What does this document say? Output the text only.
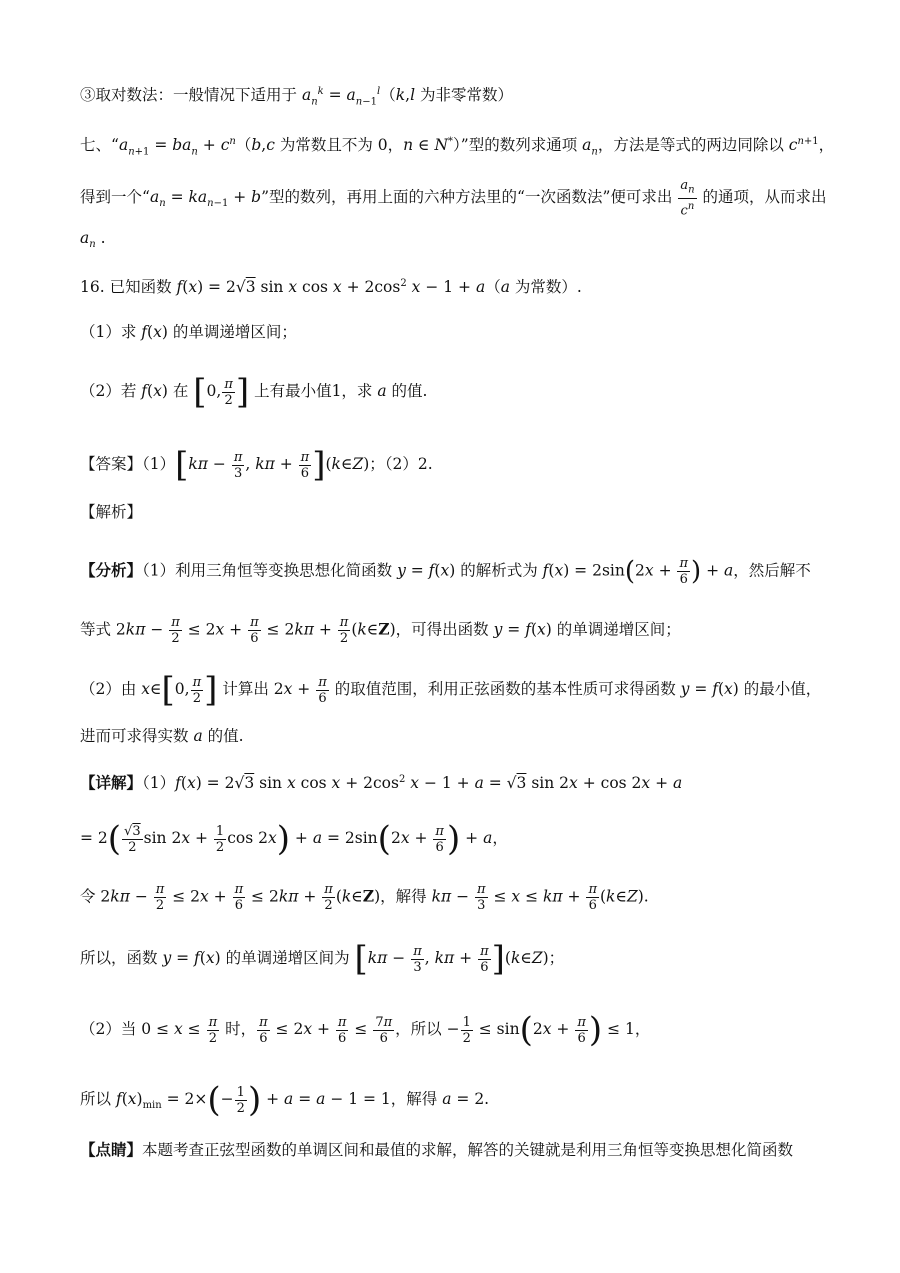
③取对数法：一般情况下适用于 $a_n^k = a_{n-1}^l(k,l$ 为非零常数）
七、“$a_{n+1} = ba_n + c^n(b,c$ 为常数且不为 0，n ∈ N*）”型的数列求通项 $a_n$，方法是等式的两边同除以 $c^{n+1}$，
得到一个“$a_n = ka_{n-1} + b$”型的数列，再用上面的六种方法里的“一次函数法”便可求出 $\frac{a_n}{c^n}$ 的通项，从而求出
$a_n$ .
16. 已知函数 f(x) = 2√3 sin x $\cos x + 2\cos^2$ x − 1 + a（a 为常数）.
（1）求 f(x) 的单调递增区间；
（2）若 f(x) 在 [0, $\frac{\pi}{2}$ ] 上有最小值1，求 a 的值.
【答案】$(1)[k\pi - \frac{\pi}{3}$ , $k\pi + \frac{\pi}{6}$ ](k∈Z)；（2）2.
【解析】
【分析】（1）利用三角恒等变换思想化简函数 y = f(x) 的解析式为 $f(x) = 2\sin(2x + \frac{\pi}{6}$ ) + a，然后解不
等式 $2k\pi - \frac{\pi}{2} \le 2x + \frac{\pi}{6} \le 2k\pi + \frac{\pi}{2}$ (k∈Z)，可得出函数 y = f(x) 的单调递增区间；
（2）由 x∈[0, $\frac{\pi}{2}$ ] 计算出 $2x + \frac{\pi}{6}$ 的取值范围，利用正弦函数的基本性质可求得函数 y = f(x) 的最小值，
进而可求得实数 a 的值.
【详解】（1）f(x) = 2√3 sin x $\cos x + 2\cos^2$ x − 1 + a = √3 sin 2x + cos 2x + a
= $2( \frac{√3}{2}$ $\sin 2x + \frac{1}{2}$ $\cos 2x) + a = 2\sin(2x + \frac{\pi}{6}$ ) + a，
令 $2k\pi - \frac{\pi}{2} \le 2x + \frac{\pi}{6} \le 2k\pi + \frac{\pi}{2}$ (k∈Z)，解得 $k\pi - \frac{\pi}{3} \le x \le k\pi + \frac{\pi}{6}$ (k∈Z).
所以，函数 y = f(x) 的单调递增区间为 [$k\pi - \frac{\pi}{3}$ , $k\pi + \frac{\pi}{6}$ ](k∈Z)；
（2）当 $0 \le x \le \frac{\pi}{2}$ 时， $\frac{\pi}{6} \le 2x + \frac{\pi}{6} \le \frac{7\pi}{6}$ ，所以 − $\frac{1}{2} \le \sin(2x + \frac{\pi}{6}$ ) ≤ 1，
所以 $f(x)_{min} = 2\times(- \frac{1}{2}$ ) + a = a − 1 = 1，解得 a = 2.
【点睛】本题考查正弦型函数的单调区间和最值的求解，解答的关键就是利用三角恒等变换思想化简函数
